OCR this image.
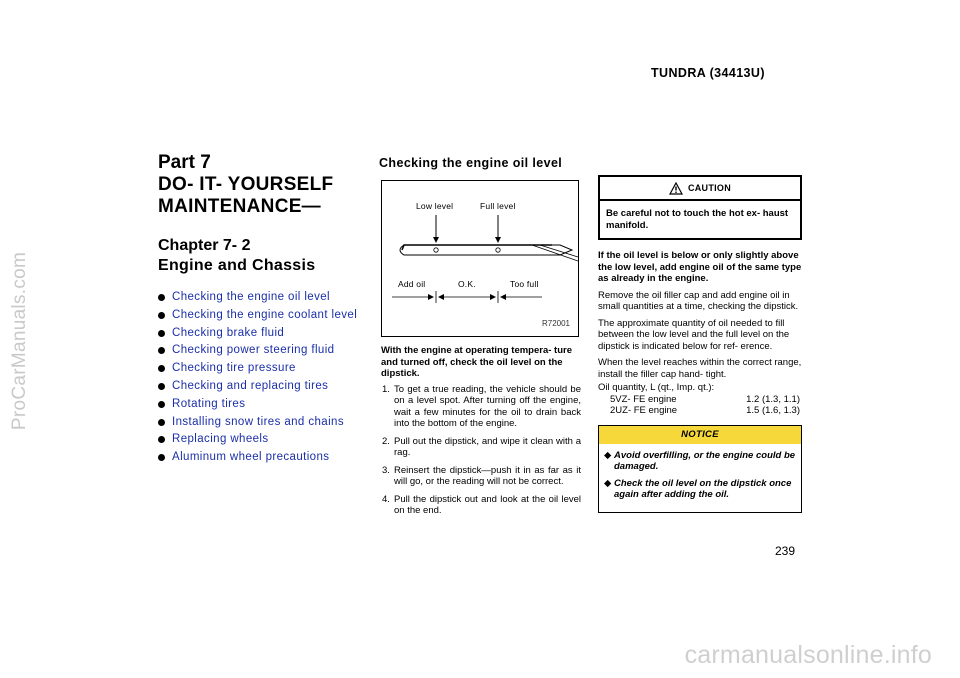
ProCarManuals.com
carmanualsonline.info
TUNDRA (34413U)
Part 7
DO- IT- YOURSELF MAINTENANCE—
Chapter 7- 2
Engine and Chassis
Checking the engine oil level
Checking the engine coolant level
Checking brake fluid
Checking power steering fluid
Checking tire pressure
Checking and replacing tires
Rotating tires
Installing snow tires and chains
Replacing wheels
Aluminum wheel precautions
Checking the engine oil level
Low level	Full level
Add oil	O.K.	Too full
R72001

With the engine at operating tempera- ture and turned off, check the oil level on the dipstick.

1. To get a true reading, the vehicle should be on a level spot. After turning off the engine, wait a few minutes for the oil to drain back into the bottom of the engine.
2. Pull out the dipstick, and wipe it clean with a rag.
3. Reinsert the dipstick—push it in as far as it will go, or the reading will not be correct.
4. Pull the dipstick out and look at the oil level on the end.
CAUTION
Be careful not to touch the hot ex- haust manifold.

If the oil level is below or only slightly above the low level, add engine oil of the same type as already in the engine.

Remove the oil filler cap and add engine oil in small quantities at a time, checking the dipstick.

The approximate quantity of oil needed to fill between the low level and the full level on the dipstick is indicated below for ref- erence.

When the level reaches within the correct range, install the filler cap hand- tight.

Oil quantity, L (qt., Imp. qt.):
5VZ- FE engine	1.2 (1.3, 1.1)
2UZ- FE engine	1.5 (1.6, 1.3)
NOTICE
◆ Avoid overfilling, or the engine could be damaged.
◆ Check the oil level on the dipstick once again after adding the oil.
239
